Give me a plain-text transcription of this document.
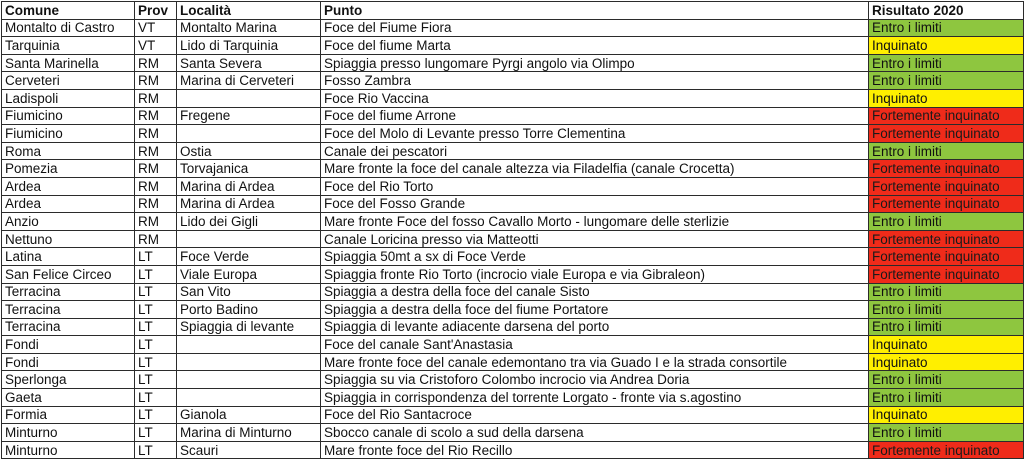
Comune	Prov	Località	Punto	Risultato 2020
Montalto di Castro	VT	Montalto Marina	Foce del Fiume Fiora	Entro i limiti
Tarquinia	VT	Lido di Tarquinia	Foce del fiume Marta	Inquinato
Santa Marinella	RM	Santa Severa	Spiaggia presso lungomare Pyrgi angolo via Olimpo	Entro i limiti
Cerveteri	RM	Marina di Cerveteri	Fosso Zambra	Entro i limiti
Ladispoli	RM		Foce Rio Vaccina	Inquinato
Fiumicino	RM	Fregene	Foce del fiume Arrone	Fortemente inquinato
Fiumicino	RM		Foce del Molo di Levante presso Torre Clementina	Fortemente inquinato
Roma	RM	Ostia	Canale dei pescatori	Entro i limiti
Pomezia	RM	Torvajanica	Mare fronte la foce del canale altezza via Filadelfia (canale Crocetta)	Fortemente inquinato
Ardea	RM	Marina di Ardea	Foce del Rio Torto	Fortemente inquinato
Ardea	RM	Marina di Ardea	Foce del Fosso Grande	Fortemente inquinato
Anzio	RM	Lido dei Gigli	Mare fronte Foce del fosso Cavallo Morto - lungomare delle sterlizie	Entro i limiti
Nettuno	RM		Canale Loricina presso via Matteotti	Fortemente inquinato
Latina	LT	Foce Verde	Spiaggia 50mt a sx di Foce Verde	Fortemente inquinato
San Felice Circeo	LT	Viale Europa	Spiaggia fronte Rio Torto (incrocio viale Europa e via Gibraleon)	Fortemente inquinato
Terracina	LT	San Vito	Spiaggia a destra della foce del canale Sisto	Entro i limiti
Terracina	LT	Porto Badino	Spiaggia a destra della foce del fiume Portatore	Entro i limiti
Terracina	LT	Spiaggia di levante	Spiaggia di levante adiacente darsena del porto	Entro i limiti
Fondi	LT		Foce del canale Sant'Anastasia	Inquinato
Fondi	LT		Mare fronte foce del canale edemontano tra via Guado I e la strada consortile	Inquinato
Sperlonga	LT		Spiaggia su via Cristoforo Colombo incrocio via Andrea Doria	Entro i limiti
Gaeta	LT		Spiaggia in corrispondenza del torrente Lorgato - fronte via s.agostino	Entro i limiti
Formia	LT	Gianola	Foce del Rio Santacroce	Inquinato
Minturno	LT	Marina di Minturno	Sbocco canale di scolo a sud della darsena	Entro i limiti
Minturno	LT	Scauri	Mare fronte foce del Rio Recillo	Fortemente inquinato
